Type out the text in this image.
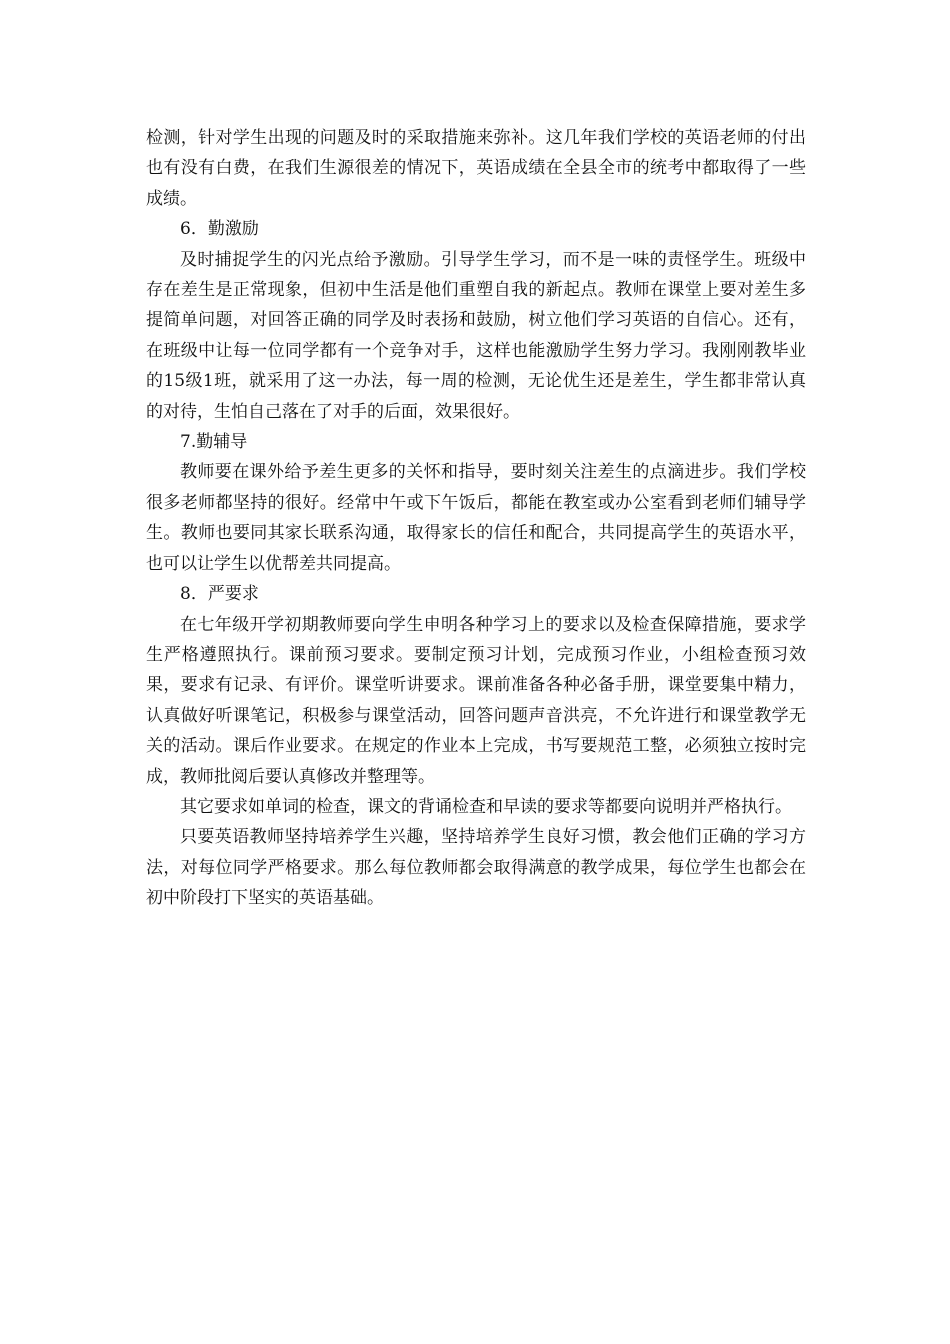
检测，针对学生出现的问题及时的采取措施来弥补。这几年我们学校的英语老师的付出也有没有白费，在我们生源很差的情况下，英语成绩在全县全市的统考中都取得了一些成绩。

6．勤激励

及时捕捉学生的闪光点给予激励。引导学生学习，而不是一味的责怪学生。班级中存在差生是正常现象，但初中生活是他们重塑自我的新起点。教师在课堂上要对差生多提简单问题，对回答正确的同学及时表扬和鼓励，树立他们学习英语的自信心。还有，在班级中让每一位同学都有一个竞争对手，这样也能激励学生努力学习。我刚刚教毕业的15级1班，就采用了这一办法，每一周的检测，无论优生还是差生，学生都非常认真的对待，生怕自己落在了对手的后面，效果很好。

7.勤辅导

教师要在课外给予差生更多的关怀和指导，要时刻关注差生的点滴进步。我们学校很多老师都坚持的很好。经常中午或下午饭后，都能在教室或办公室看到老师们辅导学生。教师也要同其家长联系沟通，取得家长的信任和配合，共同提高学生的英语水平，也可以让学生以优帮差共同提高。

8．严要求

在七年级开学初期教师要向学生申明各种学习上的要求以及检查保障措施，要求学生严格遵照执行。课前预习要求。要制定预习计划，完成预习作业，小组检查预习效果，要求有记录、有评价。课堂听讲要求。课前准备各种必备手册，课堂要集中精力，认真做好听课笔记，积极参与课堂活动，回答问题声音洪亮，不允许进行和课堂教学无关的活动。课后作业要求。在规定的作业本上完成，书写要规范工整，必须独立按时完成，教师批阅后要认真修改并整理等。

其它要求如单词的检查，课文的背诵检查和早读的要求等都要向说明并严格执行。

只要英语教师坚持培养学生兴趣，坚持培养学生良好习惯，教会他们正确的学习方法，对每位同学严格要求。那么每位教师都会取得满意的教学成果，每位学生也都会在初中阶段打下坚实的英语基础。
